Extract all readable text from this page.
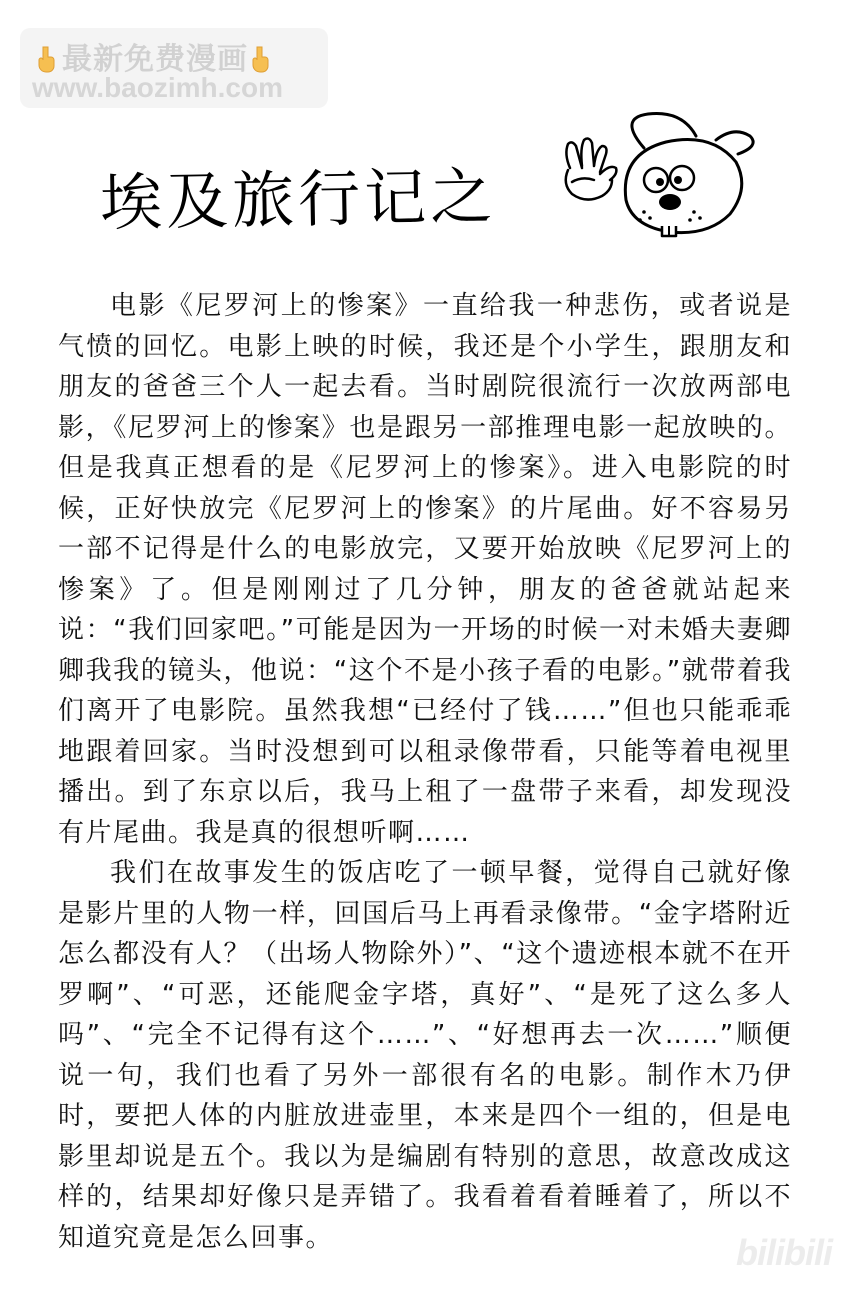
最新免费漫画
www.baozimh.com
埃及旅行记之

电影《尼罗河上的惨案》一直给我一种悲伤，或者说是气愤的回忆。电影上映的时候，我还是个小学生，跟朋友和朋友的爸爸三个人一起去看。当时剧院很流行一次放两部电影，《尼罗河上的惨案》也是跟另一部推理电影一起放映的。但是我真正想看的是《尼罗河上的惨案》。进入电影院的时候，正好快放完《尼罗河上的惨案》的片尾曲。好不容易另一部不记得是什么的电影放完，又要开始放映《尼罗河上的惨案》了。但是刚刚过了几分钟，朋友的爸爸就站起来说：“我们回家吧。”可能是因为一开场的时候一对未婚夫妻卿卿我我的镜头，他说：“这个不是小孩子看的电影。”就带着我们离开了电影院。虽然我想“已经付了钱……”但也只能乖乖地跟着回家。当时没想到可以租录像带看，只能等着电视里播出。到了东京以后，我马上租了一盘带子来看，却发现没有片尾曲。我是真的很想听啊……

我们在故事发生的饭店吃了一顿早餐，觉得自己就好像是影片里的人物一样，回国后马上再看录像带。“金字塔附近怎么都没有人？（出场人物除外）”、“这个遗迹根本就不在开罗啊”、“可恶，还能爬金字塔，真好”、“是死了这么多人吗”、“完全不记得有这个……”、“好想再去一次……”顺便说一句，我们也看了另外一部很有名的电影。制作木乃伊时，要把人体的内脏放进壶里，本来是四个一组的，但是电影里却说是五个。我以为是编剧有特别的意思，故意改成这样的，结果却好像只是弄错了。我看着看着睡着了，所以不知道究竟是怎么回事。	bilibili
